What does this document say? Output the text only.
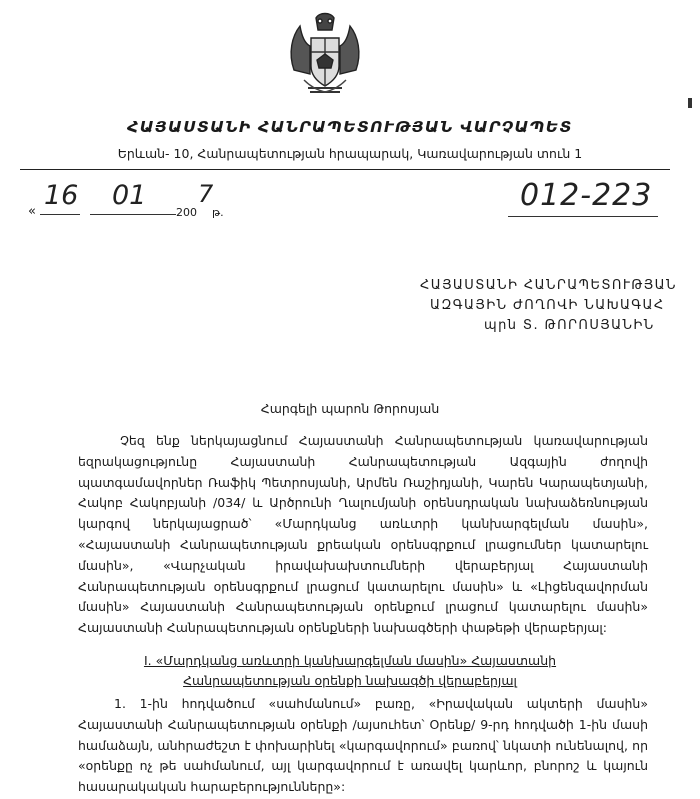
ՀԱՅԱՍՏԱՆԻ ՀԱՆՐԱՊԵՏՈՒԹՅԱՆ ՎԱՐՉԱՊԵՏ
Երևան- 10, Հանրապետության հրապարակ, Կառավարության տուն 1
«
16 01
200
7
թ.	012-223
ՀԱՅԱՍՏԱՆԻ ՀԱՆՐԱՊԵՏՈՒԹՅԱՆ
ԱԶԳԱՅԻՆ ԺՈՂՈՎԻ ՆԱԽԱԳԱՀ
պրն Տ. ԹՈՐՈՍՅԱՆԻՆ
Հարգելի պարոն Թորոսյան
Չեզ ենք ներկայացնում Հայաստանի Հանրապետության կառավարության եզրակացությունը Հայաստանի Հանրապետության Ազգային ժողովի պատգամավորներ Ռաֆիկ Պետրոսյանի, Արմեն Ռաշիդյանի, Կարեն Կարապետյանի, Հակոբ Հակոբյանի /034/ և Արծրունի Ղալումյանի օրենսդրական նախաձեռնության կարգով ներկայացրած՝ «Մարդկանց առևտրի կանխարգելման մասին», «Հայաստանի Հանրապետության քրեական օրենսգրքում լրացումներ կատարելու մասին», «Վարչական իրավախախտումների վերաբերյալ Հայաստանի Հանրապետության օրենսգրքում լրացում կատարելու մասին» և «Լիցենզավորման մասին» Հայաստանի Հանրապետության օրենքում լրացում կատարելու մասին» Հայաստանի Հանրապետության օրենքների նախագծերի փաթեթի վերաբերյալ:
I. «Մարդկանց առևտրի կանխարգելման մասին» Հայաստանի
Հանրապետության օրենքի նախագծի վերաբերյալ
1. 1-ին հոդվածում «սահմանում» բառը, «Իրավական ակտերի մասին» Հայաստանի Հանրապետության օրենքի /այսուհետ՝ Օրենք/ 9-րդ հոդվածի 1-ին մասի համաձայն, անհրաժեշտ է փոխարինել «կարգավորում» բառով՝ նկատի ունենալով, որ «օրենքը ոչ թե սահմանում, այլ կարգավորում է առավել կարևոր, բնորոշ և կայուն հասարակական հարաբերությունները»:
